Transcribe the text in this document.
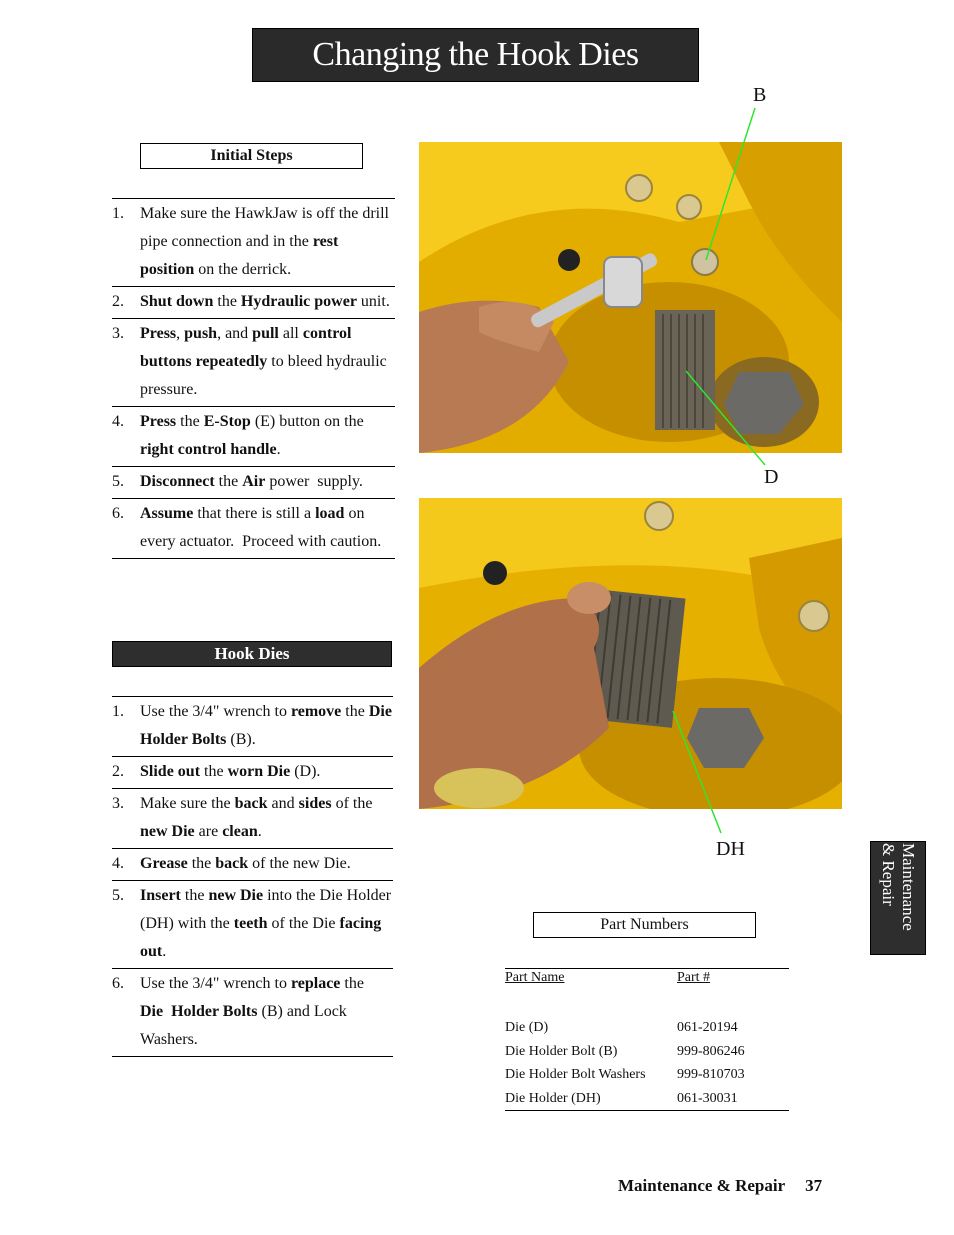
Changing the Hook Dies
Initial Steps
1. Make sure the HawkJaw is off the drill pipe connection and in the rest position on the derrick.
2. Shut down the Hydraulic power unit.
3. Press, push, and pull all control buttons repeatedly to bleed hydraulic pressure.
4. Press the E-Stop (E) button on the right control handle.
5. Disconnect the Air power  supply.
6. Assume that there is still a load on every actuator.  Proceed with caution.
Hook Dies
1. Use the 3/4" wrench to remove the Die Holder Bolts (B).
2. Slide out the worn Die (D).
3. Make sure the back and sides of the new Die are clean.
4. Grease the back of the new Die.
5. Insert the new Die into the Die Holder (DH) with the teeth of the Die facing out.
6. Use the 3/4" wrench to replace the Die  Holder Bolts (B) and Lock Washers.
B
D
DH
Part Numbers
Part Name	Part #
Die (D)	061-20194
Die Holder Bolt (B)	999-806246
Die Holder Bolt Washers	999-810703
Die Holder (DH)	061-30031
Maintenance
& Repair
Maintenance & Repair 37
